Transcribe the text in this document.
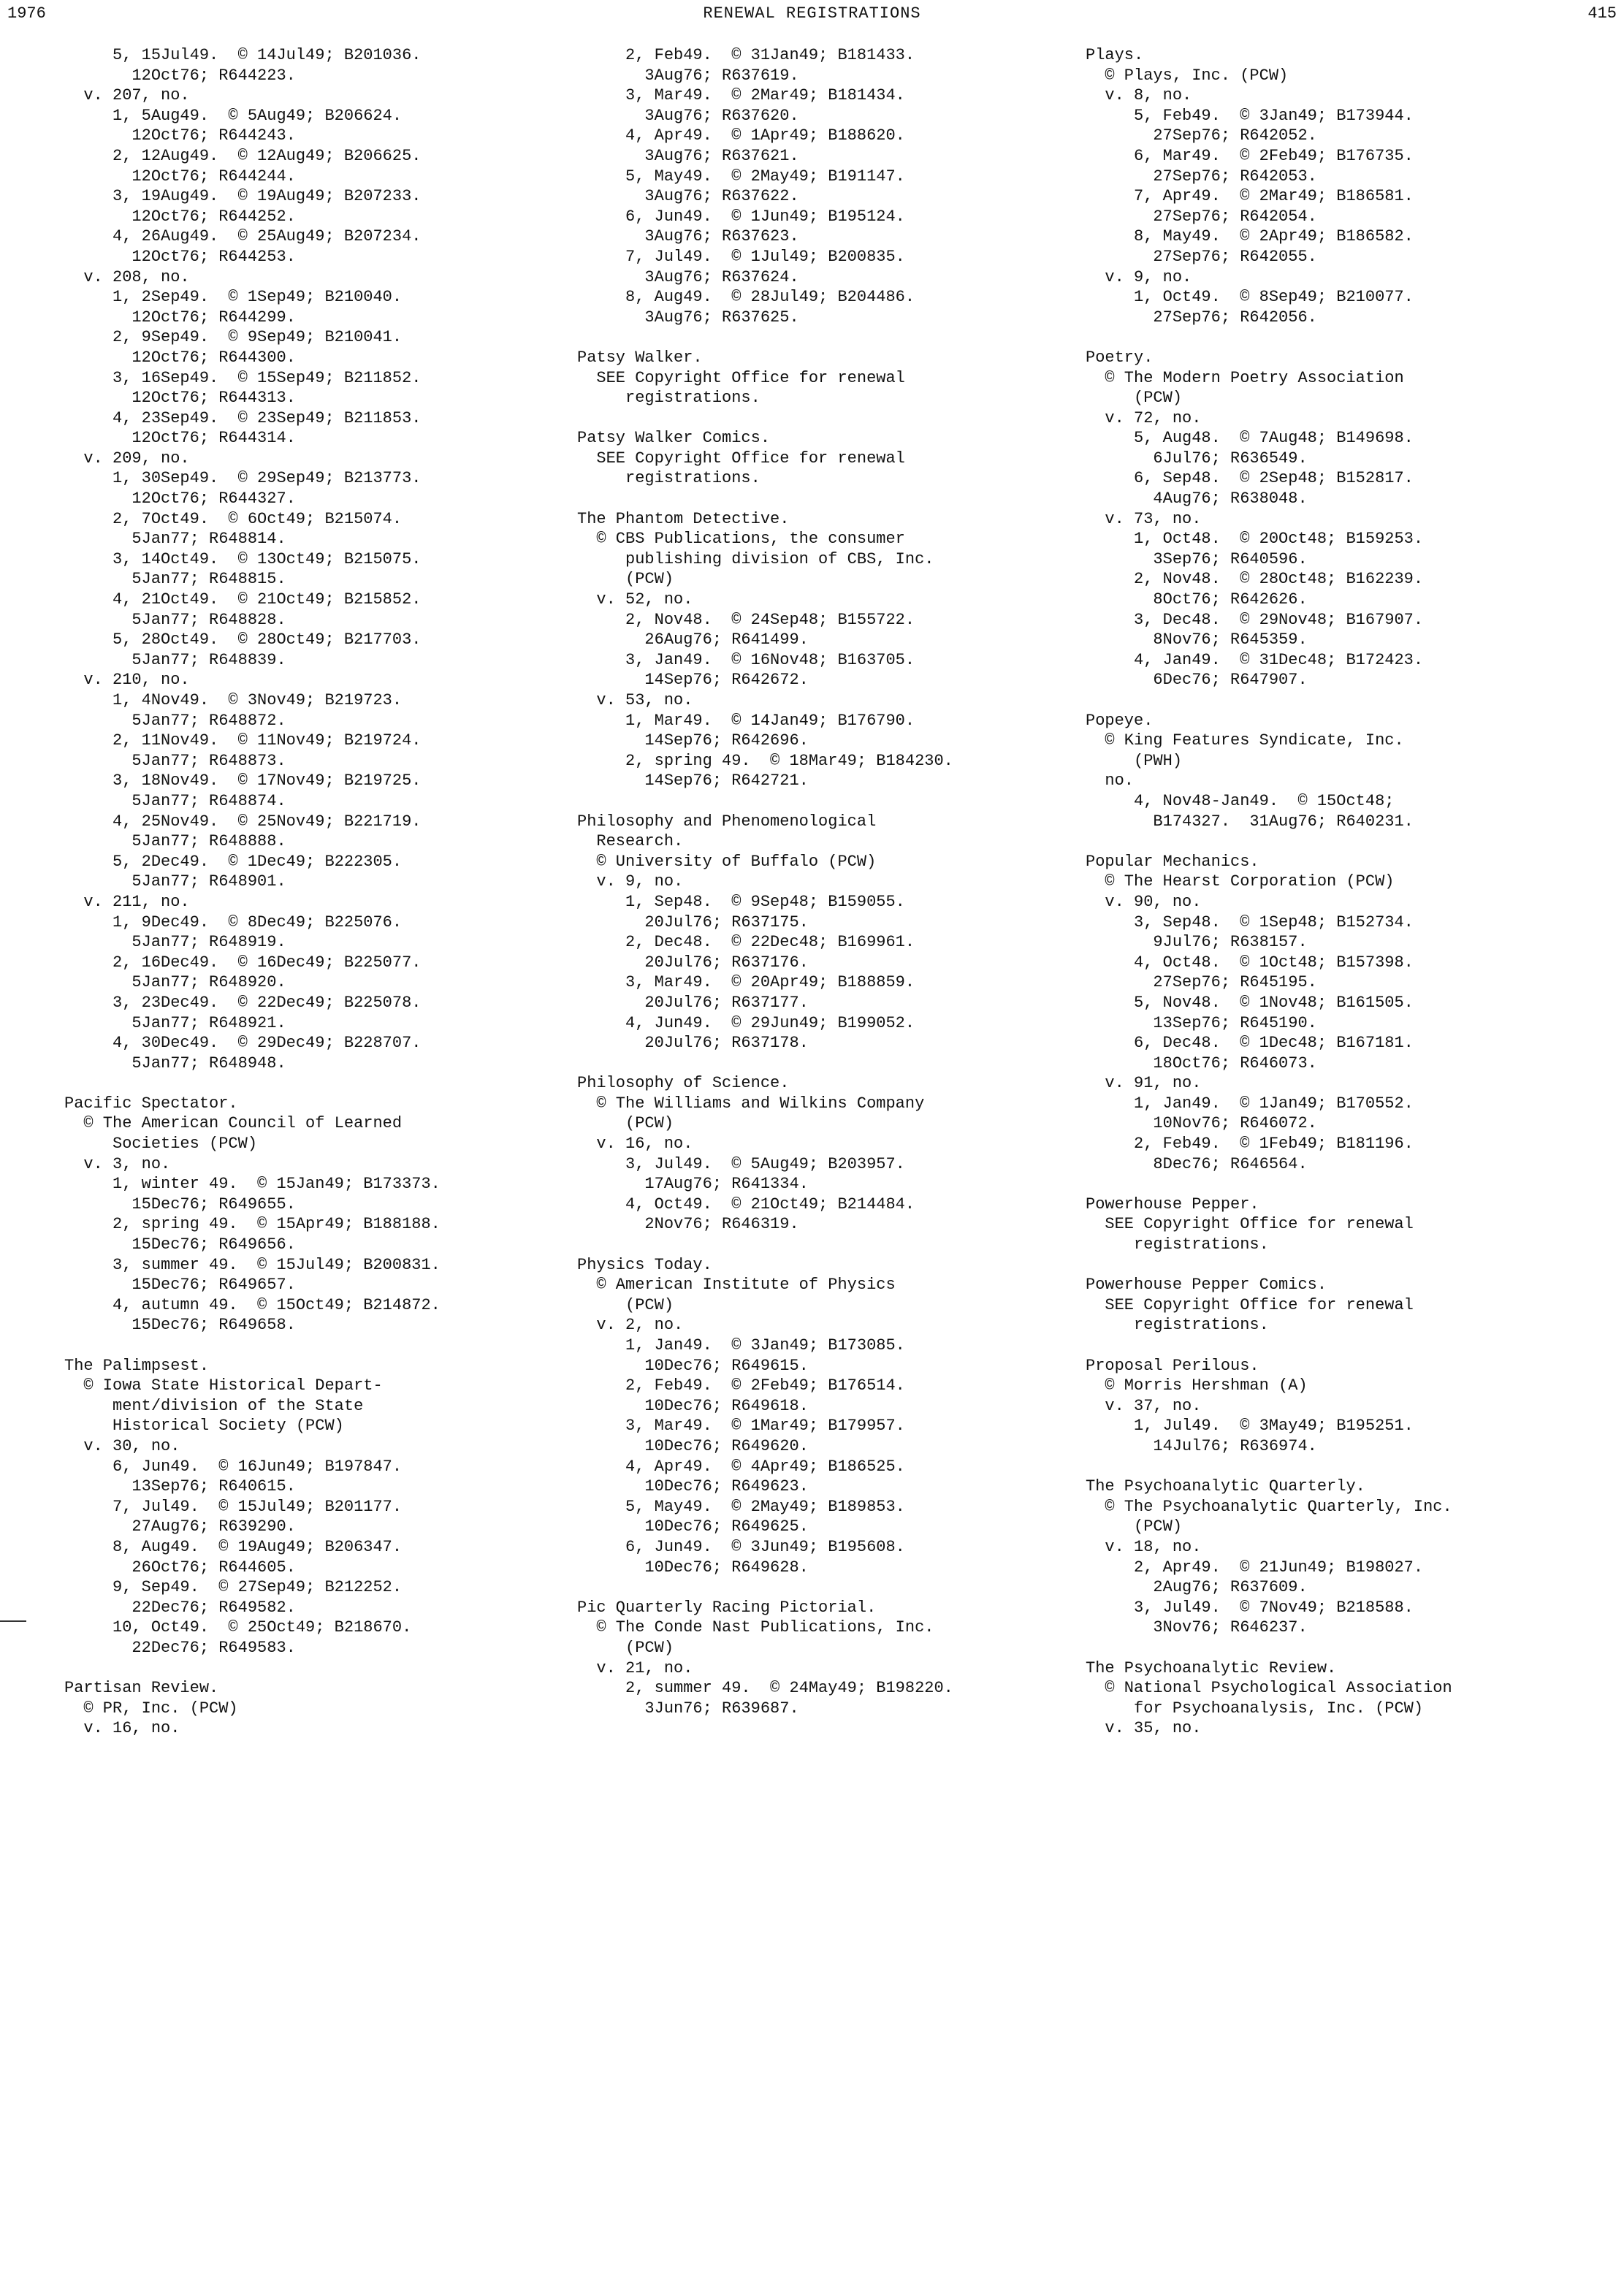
1976	RENEWAL REGISTRATIONS	415
5, 15Jul49.  © 14Jul49; B201036.
12Oct76; R644223.
v. 207, no.
1, 5Aug49.  © 5Aug49; B206624.
12Oct76; R644243.
2, 12Aug49.  © 12Aug49; B206625.
12Oct76; R644244.
3, 19Aug49.  © 19Aug49; B207233.
12Oct76; R644252.
4, 26Aug49.  © 25Aug49; B207234.
12Oct76; R644253.
v. 208, no.
1, 2Sep49.  © 1Sep49; B210040.
12Oct76; R644299.
2, 9Sep49.  © 9Sep49; B210041.
12Oct76; R644300.
3, 16Sep49.  © 15Sep49; B211852.
12Oct76; R644313.
4, 23Sep49.  © 23Sep49; B211853.
12Oct76; R644314.
v. 209, no.
1, 30Sep49.  © 29Sep49; B213773.
12Oct76; R644327.
2, 7Oct49.  © 6Oct49; B215074.
5Jan77; R648814.
3, 14Oct49.  © 13Oct49; B215075.
5Jan77; R648815.
4, 21Oct49.  © 21Oct49; B215852.
5Jan77; R648828.
5, 28Oct49.  © 28Oct49; B217703.
5Jan77; R648839.
v. 210, no.
1, 4Nov49.  © 3Nov49; B219723.
5Jan77; R648872.
2, 11Nov49.  © 11Nov49; B219724.
5Jan77; R648873.
3, 18Nov49.  © 17Nov49; B219725.
5Jan77; R648874.
4, 25Nov49.  © 25Nov49; B221719.
5Jan77; R648888.
5, 2Dec49.  © 1Dec49; B222305.
5Jan77; R648901.
v. 211, no.
1, 9Dec49.  © 8Dec49; B225076.
5Jan77; R648919.
2, 16Dec49.  © 16Dec49; B225077.
5Jan77; R648920.
3, 23Dec49.  © 22Dec49; B225078.
5Jan77; R648921.
4, 30Dec49.  © 29Dec49; B228707.
5Jan77; R648948.
Pacific Spectator.
© The American Council of Learned
Societies (PCW)
v. 3, no.
1, winter 49.  © 15Jan49; B173373.
15Dec76; R649655.
2, spring 49.  © 15Apr49; B188188.
15Dec76; R649656.
3, summer 49.  © 15Jul49; B200831.
15Dec76; R649657.
4, autumn 49.  © 15Oct49; B214872.
15Dec76; R649658.
The Palimpsest.
© Iowa State Historical Depart-
ment/division of the State
Historical Society (PCW)
v. 30, no.
6, Jun49.  © 16Jun49; B197847.
13Sep76; R640615.
7, Jul49.  © 15Jul49; B201177.
27Aug76; R639290.
8, Aug49.  © 19Aug49; B206347.
26Oct76; R644605.
9, Sep49.  © 27Sep49; B212252.
22Dec76; R649582.
10, Oct49.  © 25Oct49; B218670.
22Dec76; R649583.
Partisan Review.
© PR, Inc. (PCW)
v. 16, no.
2, Feb49.  © 31Jan49; B181433.
3Aug76; R637619.
3, Mar49.  © 2Mar49; B181434.
3Aug76; R637620.
4, Apr49.  © 1Apr49; B188620.
3Aug76; R637621.
5, May49.  © 2May49; B191147.
3Aug76; R637622.
6, Jun49.  © 1Jun49; B195124.
3Aug76; R637623.
7, Jul49.  © 1Jul49; B200835.
3Aug76; R637624.
8, Aug49.  © 28Jul49; B204486.
3Aug76; R637625.
Patsy Walker.
SEE Copyright Office for renewal
registrations.
Patsy Walker Comics.
SEE Copyright Office for renewal
registrations.
The Phantom Detective.
© CBS Publications, the consumer
publishing division of CBS, Inc.
(PCW)
v. 52, no.
2, Nov48.  © 24Sep48; B155722.
26Aug76; R641499.
3, Jan49.  © 16Nov48; B163705.
14Sep76; R642672.
v. 53, no.
1, Mar49.  © 14Jan49; B176790.
14Sep76; R642696.
2, spring 49.  © 18Mar49; B184230.
14Sep76; R642721.
Philosophy and Phenomenological
Research.
© University of Buffalo (PCW)
v. 9, no.
1, Sep48.  © 9Sep48; B159055.
20Jul76; R637175.
2, Dec48.  © 22Dec48; B169961.
20Jul76; R637176.
3, Mar49.  © 20Apr49; B188859.
20Jul76; R637177.
4, Jun49.  © 29Jun49; B199052.
20Jul76; R637178.
Philosophy of Science.
© The Williams and Wilkins Company
(PCW)
v. 16, no.
3, Jul49.  © 5Aug49; B203957.
17Aug76; R641334.
4, Oct49.  © 21Oct49; B214484.
2Nov76; R646319.
Physics Today.
© American Institute of Physics
(PCW)
v. 2, no.
1, Jan49.  © 3Jan49; B173085.
10Dec76; R649615.
2, Feb49.  © 2Feb49; B176514.
10Dec76; R649618.
3, Mar49.  © 1Mar49; B179957.
10Dec76; R649620.
4, Apr49.  © 4Apr49; B186525.
10Dec76; R649623.
5, May49.  © 2May49; B189853.
10Dec76; R649625.
6, Jun49.  © 3Jun49; B195608.
10Dec76; R649628.
Pic Quarterly Racing Pictorial.
© The Conde Nast Publications, Inc.
(PCW)
v. 21, no.
2, summer 49.  © 24May49; B198220.
3Jun76; R639687.
Plays.
© Plays, Inc. (PCW)
v. 8, no.
5, Feb49.  © 3Jan49; B173944.
27Sep76; R642052.
6, Mar49.  © 2Feb49; B176735.
27Sep76; R642053.
7, Apr49.  © 2Mar49; B186581.
27Sep76; R642054.
8, May49.  © 2Apr49; B186582.
27Sep76; R642055.
v. 9, no.
1, Oct49.  © 8Sep49; B210077.
27Sep76; R642056.
Poetry.
© The Modern Poetry Association
(PCW)
v. 72, no.
5, Aug48.  © 7Aug48; B149698.
6Jul76; R636549.
6, Sep48.  © 2Sep48; B152817.
4Aug76; R638048.
v. 73, no.
1, Oct48.  © 20Oct48; B159253.
3Sep76; R640596.
2, Nov48.  © 28Oct48; B162239.
8Oct76; R642626.
3, Dec48.  © 29Nov48; B167907.
8Nov76; R645359.
4, Jan49.  © 31Dec48; B172423.
6Dec76; R647907.
Popeye.
© King Features Syndicate, Inc.
(PWH)
no.
4, Nov48-Jan49.  © 15Oct48;
B174327.  31Aug76; R640231.
Popular Mechanics.
© The Hearst Corporation (PCW)
v. 90, no.
3, Sep48.  © 1Sep48; B152734.
9Jul76; R638157.
4, Oct48.  © 1Oct48; B157398.
27Sep76; R645195.
5, Nov48.  © 1Nov48; B161505.
13Sep76; R645190.
6, Dec48.  © 1Dec48; B167181.
18Oct76; R646073.
v. 91, no.
1, Jan49.  © 1Jan49; B170552.
10Nov76; R646072.
2, Feb49.  © 1Feb49; B181196.
8Dec76; R646564.
Powerhouse Pepper.
SEE Copyright Office for renewal
registrations.
Powerhouse Pepper Comics.
SEE Copyright Office for renewal
registrations.
Proposal Perilous.
© Morris Hershman (A)
v. 37, no.
1, Jul49.  © 3May49; B195251.
14Jul76; R636974.
The Psychoanalytic Quarterly.
© The Psychoanalytic Quarterly, Inc.
(PCW)
v. 18, no.
2, Apr49.  © 21Jun49; B198027.
2Aug76; R637609.
3, Jul49.  © 7Nov49; B218588.
3Nov76; R646237.
The Psychoanalytic Review.
© National Psychological Association
for Psychoanalysis, Inc. (PCW)
v. 35, no.
